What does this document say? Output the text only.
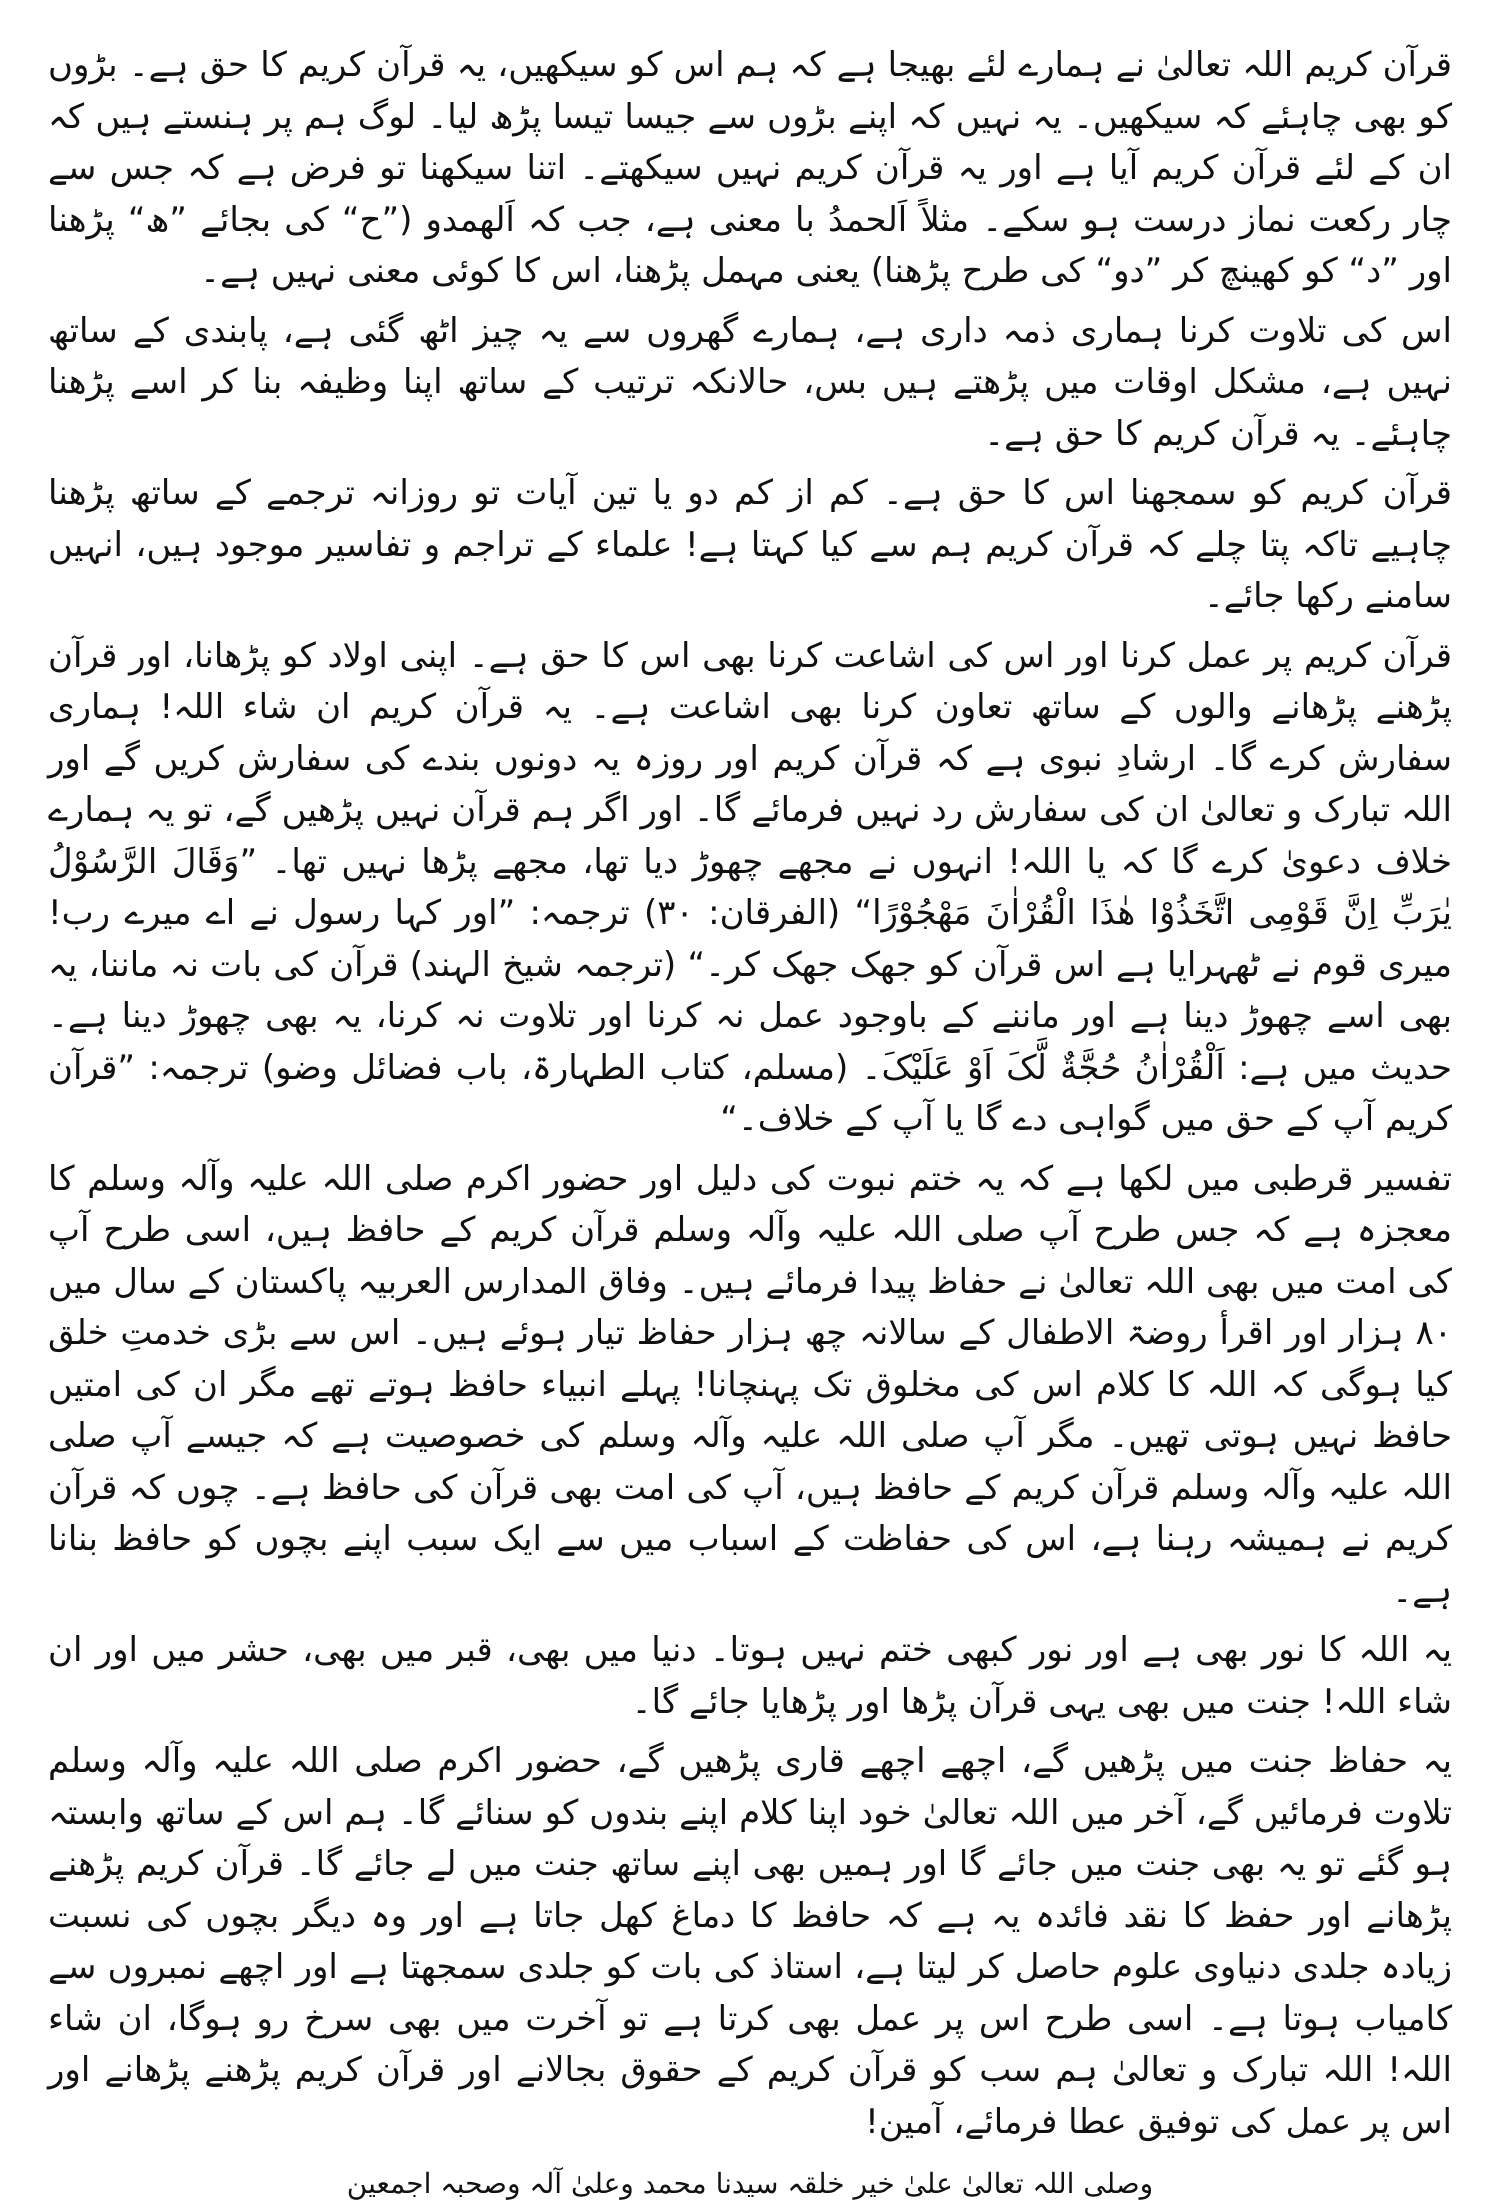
قرآن کریم اللہ تعالیٰ نے ہمارے لئے بھیجا ہے کہ ہم اس کو سیکھیں، یہ قرآن کریم کا حق ہے۔ بڑوں کو بھی چاہئے کہ سیکھیں۔ یہ نہیں کہ اپنے بڑوں سے جیسا تیسا پڑھ لیا۔ لوگ ہم پر ہنستے ہیں کہ ان کے لئے قرآن کریم آیا ہے اور یہ قرآن کریم نہیں سیکھتے۔ اتنا سیکھنا تو فرض ہے کہ جس سے چار رکعت نماز درست ہو سکے۔ مثلاً اَلحمدُ با معنی ہے، جب کہ اَلھمدو (”ح“ کی بجائے ”ھ“ پڑھنا اور ”د“ کو کھینچ کر ”دو“ کی طرح پڑھنا) یعنی مہمل پڑھنا، اس کا کوئی معنی نہیں ہے۔

اس کی تلاوت کرنا ہماری ذمہ داری ہے، ہمارے گھروں سے یہ چیز اٹھ گئی ہے، پابندی کے ساتھ نہیں ہے، مشکل اوقات میں پڑھتے ہیں بس، حالانکہ ترتیب کے ساتھ اپنا وظیفہ بنا کر اسے پڑھنا چاہئے۔ یہ قرآن کریم کا حق ہے۔

قرآن کریم کو سمجھنا اس کا حق ہے۔ کم از کم دو یا تین آیات تو روزانہ ترجمے کے ساتھ پڑھنا چاہیے تاکہ پتا چلے کہ قرآن کریم ہم سے کیا کہتا ہے! علماء کے تراجم و تفاسیر موجود ہیں، انہیں سامنے رکھا جائے۔

قرآن کریم پر عمل کرنا اور اس کی اشاعت کرنا بھی اس کا حق ہے۔ اپنی اولاد کو پڑھانا، اور قرآن پڑھنے پڑھانے والوں کے ساتھ تعاون کرنا بھی اشاعت ہے۔ یہ قرآن کریم ان شاء اللہ! ہماری سفارش کرے گا۔ ارشادِ نبوی ہے کہ قرآن کریم اور روزہ یہ دونوں بندے کی سفارش کریں گے اور اللہ تبارک و تعالیٰ ان کی سفارش رد نہیں فرمائے گا۔ اور اگر ہم قرآن نہیں پڑھیں گے، تو یہ ہمارے خلاف دعویٰ کرے گا کہ یا اللہ! انہوں نے مجھے چھوڑ دیا تھا، مجھے پڑھا نہیں تھا۔ ”وَقَالَ الرَّسُوْلُ یٰرَبِّ اِنَّ قَوْمِی اتَّخَذُوْا ھٰذَا الْقُرْاٰنَ مَھْجُوْرًا“ (الفرقان: ۳۰) ترجمہ: ”اور کہا رسول نے اے میرے رب! میری قوم نے ٹھہرایا ہے اس قرآن کو جھک جھک کر۔“ (ترجمہ شیخ الہند) قرآن کی بات نہ ماننا، یہ بھی اسے چھوڑ دینا ہے اور ماننے کے باوجود عمل نہ کرنا اور تلاوت نہ کرنا، یہ بھی چھوڑ دینا ہے۔ حدیث میں ہے: اَلْقُرْاٰنُ حُجَّةٌ لَّکَ اَوْ عَلَیْکَ۔ (مسلم، کتاب الطہارۃ، باب فضائل وضو) ترجمہ: ”قرآن کریم آپ کے حق میں گواہی دے گا یا آپ کے خلاف۔“

تفسیر قرطبی میں لکھا ہے کہ یہ ختم نبوت کی دلیل اور حضور اکرم صلی اللہ علیہ وآلہ وسلم کا معجزہ ہے کہ جس طرح آپ صلی اللہ علیہ وآلہ وسلم قرآن کریم کے حافظ ہیں، اسی طرح آپ کی امت میں بھی اللہ تعالیٰ نے حفاظ پیدا فرمائے ہیں۔ وفاق المدارس العربیہ پاکستان کے سال میں ۸۰ ہزار اور اقرأ روضۃ الاطفال کے سالانہ چھ ہزار حفاظ تیار ہوئے ہیں۔ اس سے بڑی خدمتِ خلق کیا ہوگی کہ اللہ کا کلام اس کی مخلوق تک پہنچانا! پہلے انبیاء حافظ ہوتے تھے مگر ان کی امتیں حافظ نہیں ہوتی تھیں۔ مگر آپ صلی اللہ علیہ وآلہ وسلم کی خصوصیت ہے کہ جیسے آپ صلی اللہ علیہ وآلہ وسلم قرآن کریم کے حافظ ہیں، آپ کی امت بھی قرآن کی حافظ ہے۔ چوں کہ قرآن کریم نے ہمیشہ رہنا ہے، اس کی حفاظت کے اسباب میں سے ایک سبب اپنے بچوں کو حافظ بنانا ہے۔

یہ اللہ کا نور بھی ہے اور نور کبھی ختم نہیں ہوتا۔ دنیا میں بھی، قبر میں بھی، حشر میں اور ان شاء اللہ! جنت میں بھی یہی قرآن پڑھا اور پڑھایا جائے گا۔

یہ حفاظ جنت میں پڑھیں گے، اچھے اچھے قاری پڑھیں گے، حضور اکرم صلی اللہ علیہ وآلہ وسلم تلاوت فرمائیں گے، آخر میں اللہ تعالیٰ خود اپنا کلام اپنے بندوں کو سنائے گا۔ ہم اس کے ساتھ وابستہ ہو گئے تو یہ بھی جنت میں جائے گا اور ہمیں بھی اپنے ساتھ جنت میں لے جائے گا۔ قرآن کریم پڑھنے پڑھانے اور حفظ کا نقد فائدہ یہ ہے کہ حافظ کا دماغ کھل جاتا ہے اور وہ دیگر بچوں کی نسبت زیادہ جلدی دنیاوی علوم حاصل کر لیتا ہے، استاذ کی بات کو جلدی سمجھتا ہے اور اچھے نمبروں سے کامیاب ہوتا ہے۔ اسی طرح اس پر عمل بھی کرتا ہے تو آخرت میں بھی سرخ رو ہوگا، ان شاء اللہ! اللہ تبارک و تعالیٰ ہم سب کو قرآن کریم کے حقوق بجالانے اور قرآن کریم پڑھنے پڑھانے اور اس پر عمل کی توفیق عطا فرمائے، آمین!

وصلی اللہ تعالیٰ علیٰ خیر خلقہ سیدنا محمد وعلیٰ آلہ وصحبہ اجمعین
